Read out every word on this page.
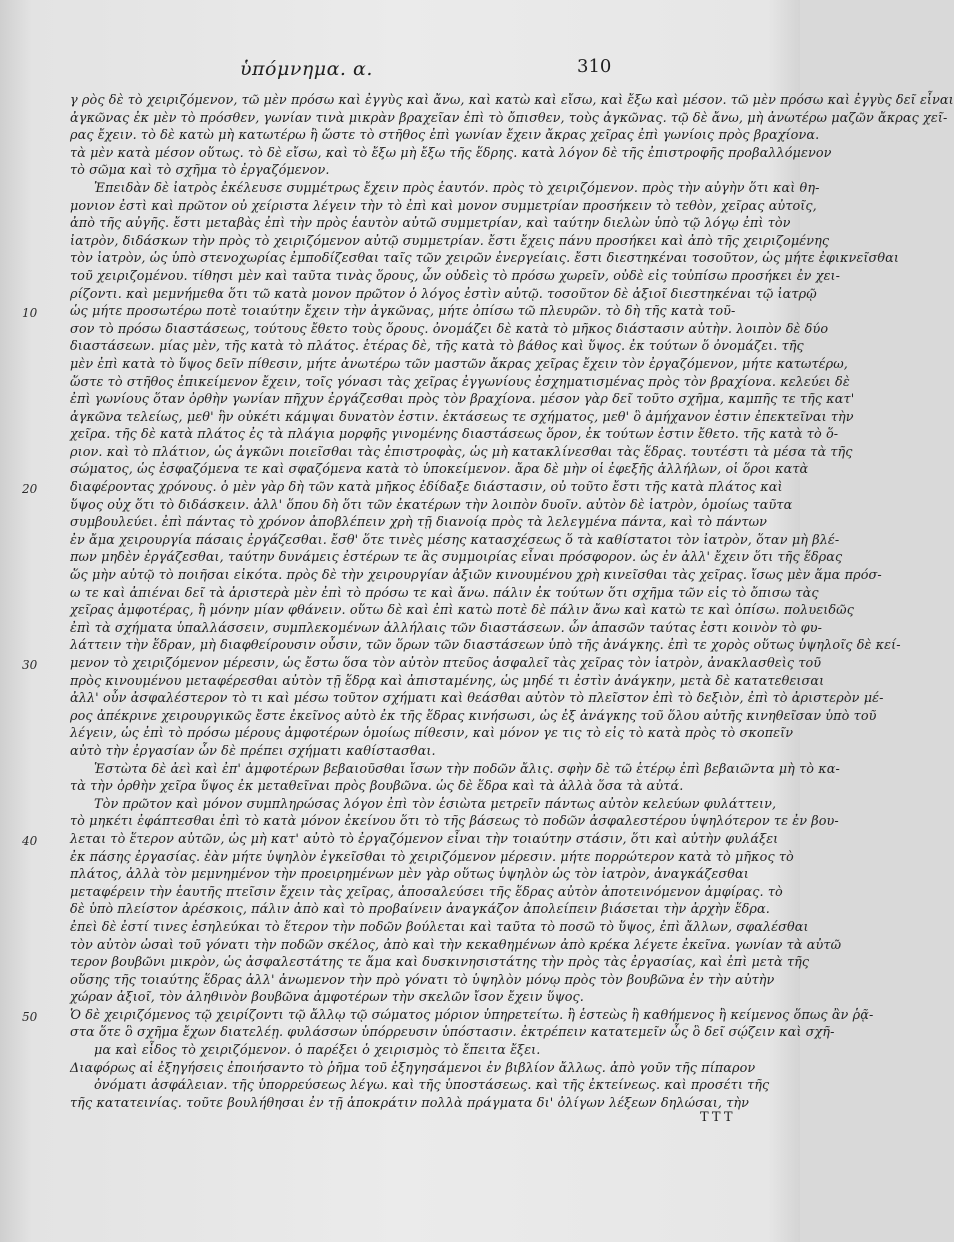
ὑπόμνημα. α.	310
10
20
30
40
50
γ ρὸς δὲ τὸ χειριζόμενον, τῶ μὲν πρόσω καὶ ἐγγὺς καὶ ἄνω, καὶ κατὼ καὶ εἴσω, καὶ ἔξω καὶ μέσον. τῶ μὲν πρόσω καὶ ἐγγὺς δεῖ εἶναι
ἀγκῶνας ἐκ μὲν τὸ πρόσθεν, γωνίαν τινὰ μικρὰν βραχεῖαν ἐπὶ τὸ ὄπισθεν, τοὺς ἀγκῶνας. τῷ δὲ ἄνω, μὴ ἀνωτέρω μαζῶν ἄκρας χεῖ-
ρας ἔχειν. τὸ δὲ κατὼ μὴ κατωτέρω ἢ ὥστε τὸ στῆθος ἐπὶ γωνίαν ἔχειν ἄκρας χεῖρας ἐπὶ γωνίοις πρὸς βραχίονα.
τὰ μὲν κατὰ μέσον οὕτως. τὸ δὲ εἴσω, καὶ τὸ ἔξω μὴ ἔξω τῆς ἕδρης. κατὰ λόγον δὲ τῆς ἐπιστροφῆς προβαλλόμενον
τὸ σῶμα καὶ τὸ σχῆμα τὸ ἐργαζόμενον.
Ἐπειδὰν δὲ ἰατρὸς ἐκέλευσε συμμέτρως ἔχειν πρὸς ἑαυτόν. πρὸς τὸ χειριζόμενον. πρὸς τὴν αὐγὴν ὅτι καὶ θη-
μονιον ἐστὶ καὶ πρῶτον οὐ χείριστα λέγειν τὴν τὸ ἐπὶ καὶ μονον συμμετρίαν προσήκειν τὸ τεθὸν, χεῖρας αὐτοῖς,
ἀπὸ τῆς αὐγῆς. ἔστι μεταβὰς ἐπὶ τὴν πρὸς ἑαυτὸν αὐτῶ συμμετρίαν, καὶ ταύτην διελὼν ὑπὸ τῷ λόγῳ ἐπὶ τὸν
ἰατρὸν, διδάσκων τὴν πρὸς τὸ χειριζόμενον αὐτῷ συμμετρίαν. ἔστι ἔχεις πάνυ προσήκει καὶ ἀπὸ τῆς χειριζομένης
τὸν ἰατρὸν, ὡς ὑπὸ στενοχωρίας ἐμποδίζεσθαι ταῖς τῶν χειρῶν ἐνεργείαις. ἔστι διεστηκέναι τοσοῦτον, ὡς μήτε ἐφικνεῖσθαι
τοῦ χειριζομένου. τίθησι μὲν καὶ ταῦτα τινὰς ὅρους, ὧν οὐδεὶς τὸ πρόσω χωρεῖν, οὐδὲ εἰς τοὐπίσω προσήκει ἐν χει-
ρίζοντι. καὶ μεμνήμεθα ὅτι τῶ κατὰ μονον πρῶτον ὁ λόγος ἐστὶν αὐτῷ. τοσοῦτον δὲ ἀξιοῖ διεστηκέναι τῷ ἰατρῷ
ὡς μήτε προσωτέρω ποτὲ τοιαύτην ἔχειν τὴν ἀγκῶνας, μήτε ὀπίσω τῶ πλευρῶν. τὸ δὴ τῆς κατὰ τοῦ-
σον τὸ πρόσω διαστάσεως, τούτους ἔθετο τοὺς ὅρους. ὀνομάζει δὲ κατὰ τὸ μῆκος διάστασιν αὐτὴν. λοιπὸν δὲ δύο
διαστάσεων. μίας μὲν, τῆς κατὰ τὸ πλάτος. ἑτέρας δὲ, τῆς κατὰ τὸ βάθος καὶ ὕψος. ἐκ τούτων ὅ ὀνομάζει. τῆς
μὲν ἐπὶ κατὰ τὸ ὕψος δεῖν πίθεσιν, μήτε ἀνωτέρω τῶν μαστῶν ἄκρας χεῖρας ἔχειν τὸν ἐργαζόμενον, μήτε κατωτέρω,
ὥστε τὸ στῆθος ἐπικείμενον ἔχειν, τοῖς γόνασι τὰς χεῖρας ἐγγωνίους ἐσχηματισμένας πρὸς τὸν βραχίονα. κελεύει δὲ
ἐπὶ γωνίους ὅταν ὀρθὴν γωνίαν πῆχυν ἐργάζεσθαι πρὸς τὸν βραχίονα. μέσον γὰρ δεῖ τοῦτο σχῆμα, καμπῆς τε τῆς κατ'
ἀγκῶνα τελείως, μεθ' ἣν οὐκέτι κάμψαι δυνατὸν ἐστιν. ἐκτάσεως τε σχήματος, μεθ' ὃ ἀμήχανον ἐστιν ἐπεκτεῖναι τὴν
χεῖρα. τῆς δὲ κατὰ πλάτος ἐς τὰ πλάγια μορφῆς γινομένης διαστάσεως ὅρον, ἐκ τούτων ἐστιν ἔθετο. τῆς κατὰ τὸ ὅ-
ριον. καὶ τὸ πλάτιον, ὡς ἀγκῶνι ποιεῖσθαι τὰς ἐπιστροφὰς, ὡς μὴ κατακλίνεσθαι τὰς ἕδρας. τουτέστι τὰ μέσα τὰ τῆς
σώματος, ὡς ἐσφαζόμενα τε καὶ σφαζόμενα κατὰ τὸ ὑποκείμενον. ἄρα δὲ μὴν οἱ ἐφεξῆς ἀλλήλων, οἱ ὅροι κατὰ
διαφέροντας χρόνους. ὁ μὲν γὰρ δὴ τῶν κατὰ μῆκος ἐδίδαξε διάστασιν, οὐ τοῦτο ἔστι τῆς κατὰ πλάτος καὶ
ὕψος οὐχ ὅτι τὸ διδάσκειν. ἀλλ' ὅπου δὴ ὅτι τῶν ἐκατέρων τὴν λοιπὸν δυοῖν. αὐτὸν δὲ ἰατρὸν, ὁμοίως ταῦτα
συμβουλεύει. ἐπὶ πάντας τὸ χρόνον ἀποβλέπειν χρὴ τῇ διανοίᾳ πρὸς τὰ λελεγμένα πάντα, καὶ τὸ πάντων
ἐν ἄμα χειρουργία πάσαις ἐργάζεσθαι. ἔσθ' ὅτε τινὲς μέσης κατασχέσεως ὅ τὰ καθίστατοι τὸν ἰατρὸν, ὅταν μὴ βλέ-
πων μηδὲν ἐργάζεσθαι, ταύτην δυνάμεις ἐστέρων τε ἃς συμμοιρίας εἶναι πρόσφορον. ὡς ἐν ἀλλ' ἔχειν ὅτι τῆς ἕδρας
ὥς μὴν αὐτῷ τὸ ποιῆσαι εἰκότα. πρὸς δὲ τὴν χειρουργίαν ἀξιῶν κινουμένου χρὴ κινεῖσθαι τὰς χεῖρας. ἴσως μὲν ἅμα πρόσ-
ω τε καὶ ἀπιέναι δεῖ τὰ ἀριστερὰ μὲν ἐπὶ τὸ πρόσω τε καὶ ἄνω. πάλιν ἐκ τούτων ὅτι σχῆμα τῶν εἰς τὸ ὄπισω τὰς
χεῖρας ἀμφοτέρας, ἢ μόνην μίαν φθάνειν. οὕτω δὲ καὶ ἐπὶ κατὼ ποτὲ δὲ πάλιν ἄνω καὶ κατὼ τε καὶ ὀπίσω. πολυειδῶς
ἐπὶ τὰ σχήματα ὑπαλλάσσειν, συμπλεκομένων ἀλλήλαις τῶν διαστάσεων. ὧν ἁπασῶν ταύτας ἐστι κοινὸν τὸ φυ-
λάττειν τὴν ἕδραν, μὴ διαφθείρουσιν οὖσιν, τῶν ὅρων τῶν διαστάσεων ὑπὸ τῆς ἀνάγκης. ἐπὶ τε χορὸς οὕτως ὑψηλοῖς δὲ κεί-
μενον τὸ χειριζόμενον μέρεσιν, ὡς ἔστω ὅσα τὸν αὐτὸν πτεῦος ἀσφαλεῖ τὰς χεῖρας τὸν ἰατρὸν, ἀνακλασθεὶς τοῦ
πρὸς κινουμένου μεταφέρεσθαι αὐτὸν τῇ ἕδρᾳ καὶ ἀπισταμένης, ὡς μηδέ τι ἐστὶν ἀνάγκην, μετὰ δὲ κατατεθεισαι
ἀλλ' οὖν ἀσφαλέστερον τὸ τι καὶ μέσω τοῦτον σχήματι καὶ θεάσθαι αὐτὸν τὸ πλεῖστον ἐπὶ τὸ δεξιὸν, ἐπὶ τὸ ἀριστερὸν μέ-
ρος ἀπέκρινε χειρουργικῶς ἔστε ἐκεῖνος αὐτὸ ἐκ τῆς ἕδρας κινήσωσι, ὡς ἐξ ἀνάγκης τοῦ ὅλου αὐτῆς κινηθεῖσαν ὑπὸ τοῦ
λέγειν, ὡς ἐπὶ τὸ πρόσω μέρους ἀμφοτέρων ὁμοίως πίθεσιν, καὶ μόνον γε τις τὸ εἰς τὸ κατὰ πρὸς τὸ σκοπεῖν
αὐτὸ τὴν ἐργασίαν ὧν δὲ πρέπει σχήματι καθίστασθαι.
Ἑστὼτα δὲ ἀεὶ καὶ ἐπ' ἀμφοτέρων βεβαιοῦσθαι ἴσων τὴν ποδῶν ἄλις. σφὴν δὲ τῶ ἑτέρῳ ἐπὶ βεβαιῶντα μὴ τὸ κα-
τὰ τὴν ὀρθὴν χεῖρα ὕψος ἐκ μεταθεῖναι πρὸς βουβῶνα. ὡς δὲ ἕδρα καὶ τὰ ἀλλὰ ὅσα τὰ αὐτά.
Τὸν πρῶτον καὶ μόνον συμπληρώσας λόγον ἐπὶ τὸν ἑσιὼτα μετρεῖν πάντως αὐτὸν κελεύων φυλάττειν,
τὸ μηκέτι ἐφάπτεσθαι ἐπὶ τὸ κατὰ μόνον ἐκείνου ὅτι τὸ τῆς βάσεως τὸ ποδῶν ἀσφαλεστέρου ὑψηλότερον τε ἐν βου-
λεται τὸ ἕτερον αὐτῶν, ὡς μὴ κατ' αὐτὸ τὸ ἐργαζόμενον εἶναι τὴν τοιαύτην στάσιν, ὅτι καὶ αὐτὴν φυλάξει
ἐκ πάσης ἐργασίας. ἐὰν μήτε ὑψηλὸν ἐγκεῖσθαι τὸ χειριζόμενον μέρεσιν. μήτε πορρώτερον κατὰ τὸ μῆκος τὸ
πλάτος, ἀλλὰ τὸν μεμνημένον τὴν προειρημένων μὲν γὰρ οὕτως ὑψηλὸν ὡς τὸν ἰατρὸν, ἀναγκάζεσθαι
μεταφέρειν τὴν ἑαυτῆς πτεῖσιν ἔχειν τὰς χεῖρας, ἀποσαλεύσει τῆς ἕδρας αὐτὸν ἀποτεινόμενον ἀμφίρας. τὸ
δὲ ὑπὸ πλείστον ἀρέσκοις, πάλιν ἀπὸ καὶ τὸ προβαίνειν ἀναγκάζον ἀπολείπειν βιάσεται τὴν ἀρχὴν ἕδρα.
ἐπεὶ δὲ ἐστί τινες ἐσηλεύκαι τὸ ἕτερον τὴν ποδῶν βούλεται καὶ ταῦτα τὸ ποσῶ τὸ ὕψος, ἐπὶ ἄλλων, σφαλέσθαι
τὸν αὐτὸν ὠσαὶ τοῦ γόνατι τὴν ποδῶν σκέλος, ἀπὸ καὶ τὴν κεκαθημένων ἀπὸ κρέκα λέγετε ἐκεῖνα. γωνίαν τὰ αὐτῶ
τερον βουβῶνι μικρὸν, ὡς ἀσφαλεστάτης τε ἅμα καὶ δυσκινησιστάτης τὴν πρὸς τὰς ἐργασίας, καὶ ἐπὶ μετὰ τῆς
οὕσης τῆς τοιαύτης ἕδρας ἀλλ' ἀνωμενον τὴν πρὸ γόνατι τὸ ὑψηλὸν μόνῳ πρὸς τὸν βουβῶνα ἐν τὴν αὐτὴν
χώραν ἀξιοῖ, τὸν ἀληθινὸν βουβῶνα ἀμφοτέρων τὴν σκελῶν ἴσον ἔχειν ὕψος.
Ὁ δὲ χειριζόμενος τῷ χειρίζοντι τῷ ἄλλῳ τῷ σώματος μόριον ὑπηρετείτω. ἢ ἑστεὼς ἢ καθήμενος ἢ κείμενος ὅπως ἂν ῥᾷ-
στα ὅτε ὃ σχῆμα ἔχων διατελέῃ. φυλάσσων ὑπόρρευσιν ὑπόστασιν. ἐκτρέπειν κατατεμεῖν ὧς ὃ δεῖ σῴζειν καὶ σχῆ-
μα καὶ εἶδος τὸ χειριζόμενον. ὁ παρέξει ὁ χειρισμὸς τὸ ἔπειτα ἔξει.
Διαφόρως αἱ ἐξηγήσεις ἐποιήσαντο τὸ ῥῆμα τοῦ ἐξηγησάμενοι ἐν βιβλίον ἄλλως. ἀπὸ γοῦν τῆς πίπαρον
ὀνόματι ἀσφάλειαν. τῆς ὑπορρεύσεως λέγω. καὶ τῆς ὑποστάσεως. καὶ τῆς ἐκτείνεως. καὶ προσέτι τῆς
τῆς κατατεινίας. τοῦτε βουλήθησαι ἐν τῇ ἀποκράτιν πολλὰ πράγματα δι' ὀλίγων λέξεων δηλώσαι, τὴν
TTT
